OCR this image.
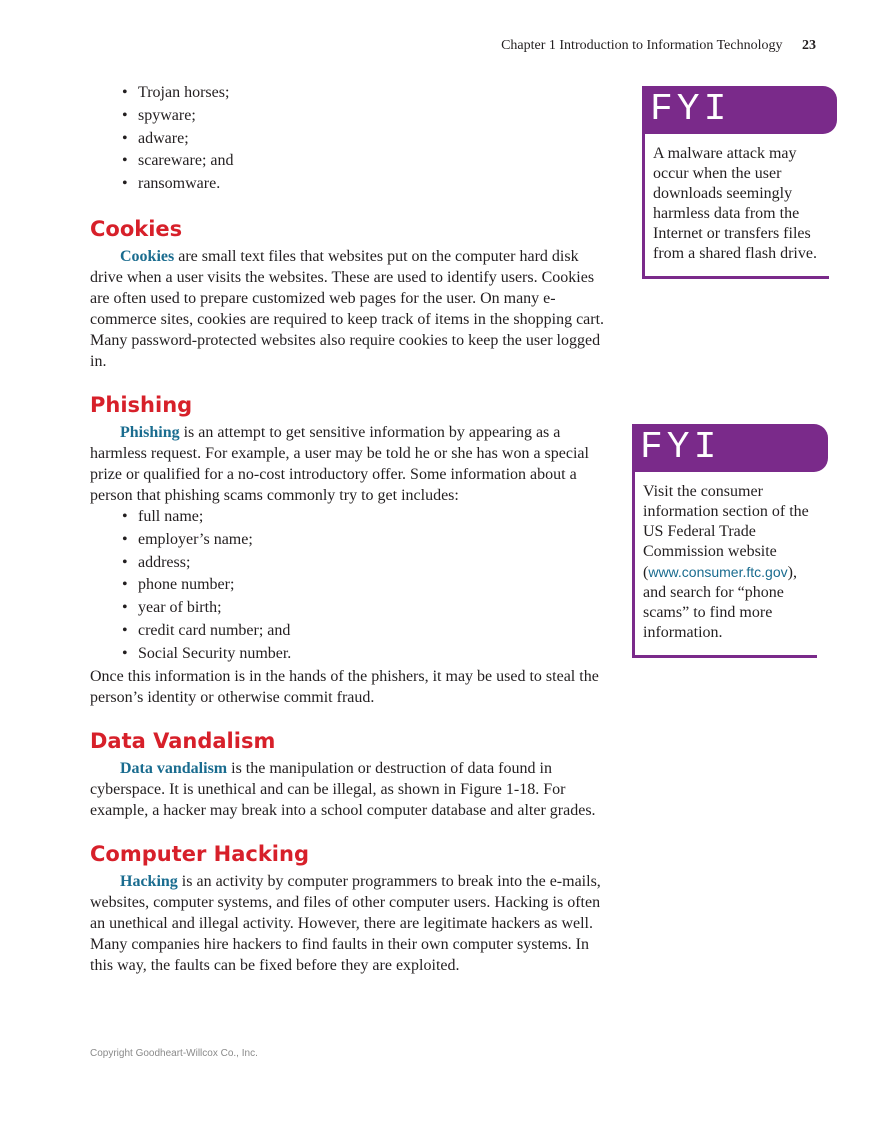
Chapter 1 Introduction to Information Technology 23
• Trojan horses;
• spyware;
• adware;
• scareware; and
• ransomware.
Cookies

Cookies are small text files that websites put on the computer hard disk drive when a user visits the websites. These are used to identify users. Cookies are often used to prepare customized web pages for the user. On many e-commerce sites, cookies are required to keep track of items in the shopping cart. Many password-protected websites also require cookies to keep the user logged in.

Phishing

Phishing is an attempt to get sensitive information by appearing as a harmless request. For example, a user may be told he or she has won a special prize or qualified for a no-cost introductory offer. Some information about a person that phishing scams commonly try to get includes:

• full name;
• employer’s name;
• address;
• phone number;
• year of birth;
• credit card number; and
• Social Security number.

Once this information is in the hands of the phishers, it may be used to steal the person’s identity or otherwise commit fraud.

Data Vandalism

Data vandalism is the manipulation or destruction of data found in cyberspace. It is unethical and can be illegal, as shown in Figure 1-18. For example, a hacker may break into a school computer database and alter grades.

Computer Hacking

Hacking is an activity by computer programmers to break into the e-mails, websites, computer systems, and files of other computer users. Hacking is often an unethical and illegal activity. However, there are legitimate hackers as well. Many companies hire hackers to find faults in their own computer systems. In this way, the faults can be fixed before they are exploited.

FYI
A malware attack may occur when the user downloads seemingly harmless data from the Internet or transfers files from a shared flash drive.
FYI
Visit the consumer information section of the US Federal Trade Commission website (www.consumer.ftc.gov), and search for “phone scams” to find more information.
Copyright Goodheart-Willcox Co., Inc.
